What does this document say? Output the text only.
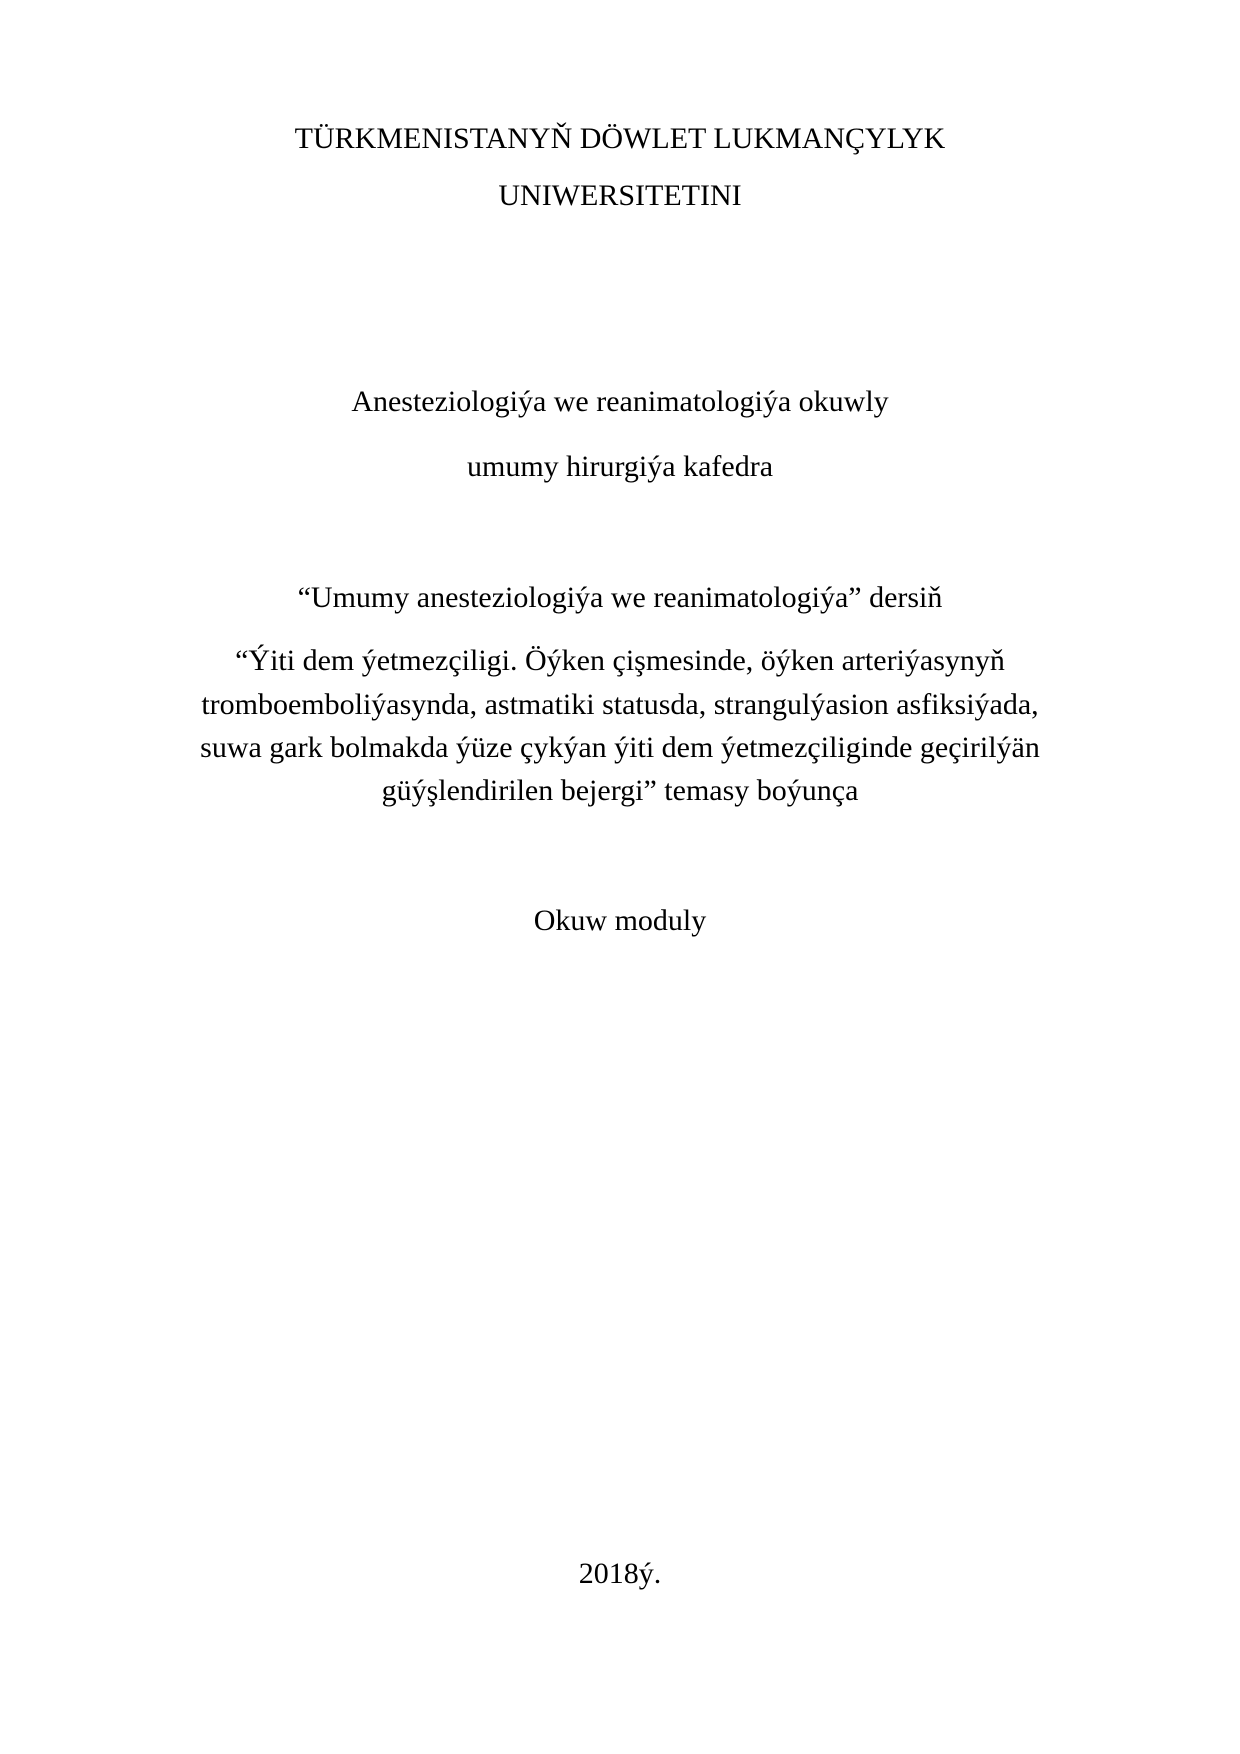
TÜRKMENISTANYŇ DÖWLET LUKMANÇYLYK
UNIWERSITETINI
Anesteziologiýa we reanimatologiýa okuwly
umumy hirurgiýa kafedra
“Umumy anesteziologiýa we reanimatologiýa” dersiň
“Ýiti dem ýetmezçiligi. Öýken çişmesinde, öýken arteriýasynyň
tromboemboliýasynda, astmatiki statusda, strangulýasion asfiksiýada,
suwa gark bolmakda ýüze çykýan ýiti dem ýetmezçiliginde geçirilýän
güýşlendirilen bejergi” temasy boýunça
Okuw moduly
2018ý.
